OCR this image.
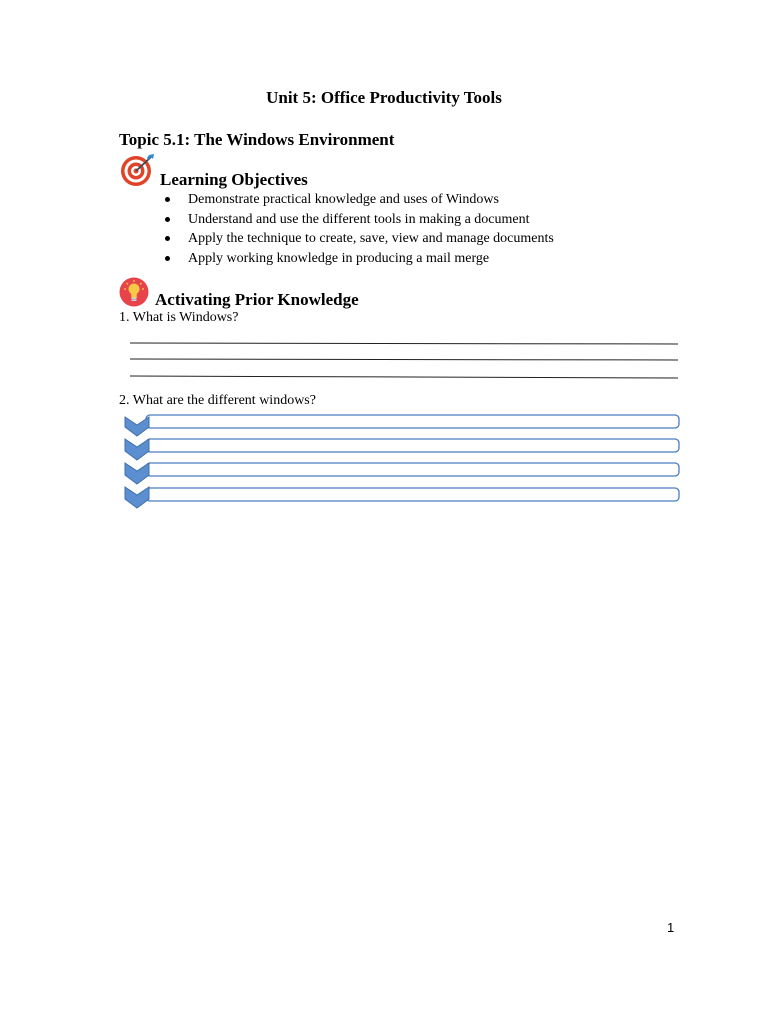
Unit 5: Office Productivity Tools
Topic 5.1: The Windows Environment
Learning Objectives
Demonstrate practical knowledge and uses of Windows
Understand and use the different tools in making a document
Apply the technique to create, save, view and manage documents
Apply working knowledge in producing a mail merge
Activating Prior Knowledge
1. What is Windows?
2. What are the different windows?
1
